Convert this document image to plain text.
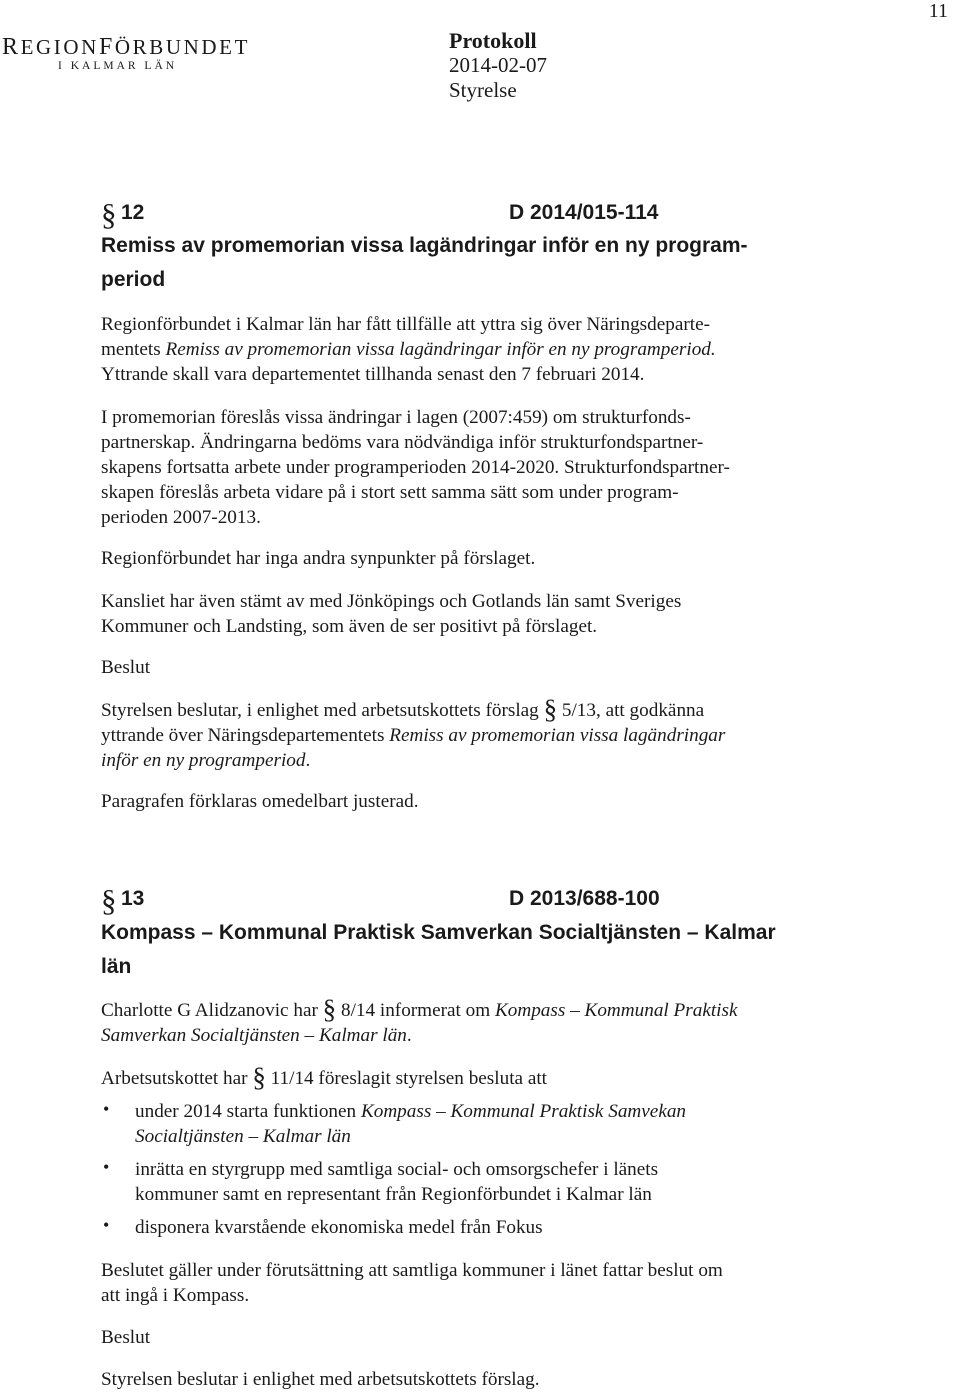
11
REGIONFÖRBUNDET
I KALMAR LÄN
Protokoll
2014-02-07
Styrelse
§ 12	D 2014/015-114
Remiss av promemorian vissa lagändringar inför en ny program-
period
Regionförbundet i Kalmar län har fått tillfälle att yttra sig över Näringsdeparte-
mentets Remiss av promemorian vissa lagändringar inför en ny programperiod.
Yttrande skall vara departementet tillhanda senast den 7 februari 2014.
I promemorian föreslås vissa ändringar i lagen (2007:459) om strukturfonds-
partnerskap. Ändringarna bedöms vara nödvändiga inför strukturfondspartner-
skapens fortsatta arbete under programperioden 2014-2020. Strukturfondspartner-
skapen föreslås arbeta vidare på i stort sett samma sätt som under program-
perioden 2007-2013.
Regionförbundet har inga andra synpunkter på förslaget.
Kansliet har även stämt av med Jönköpings och Gotlands län samt Sveriges
Kommuner och Landsting, som även de ser positivt på förslaget.
Beslut
Styrelsen beslutar, i enlighet med arbetsutskottets förslag § 5/13, att godkänna
yttrande över Näringsdepartementets Remiss av promemorian vissa lagändringar
inför en ny programperiod.
Paragrafen förklaras omedelbart justerad.
§ 13	D 2013/688-100
Kompass – Kommunal Praktisk Samverkan Socialtjänsten – Kalmar
län
Charlotte G Alidzanovic har § 8/14 informerat om Kompass – Kommunal Praktisk
Samverkan Socialtjänsten – Kalmar län.
Arbetsutskottet har § 11/14 föreslagit styrelsen besluta att
• under 2014 starta funktionen Kompass – Kommunal Praktisk Samvekan
Socialtjänsten – Kalmar län
• inrätta en styrgrupp med samtliga social- och omsorgschefer i länets
kommuner samt en representant från Regionförbundet i Kalmar län
• disponera kvarstående ekonomiska medel från Fokus
Beslutet gäller under förutsättning att samtliga kommuner i länet fattar beslut om
att ingå i Kompass.
Beslut
Styrelsen beslutar i enlighet med arbetsutskottets förslag.
